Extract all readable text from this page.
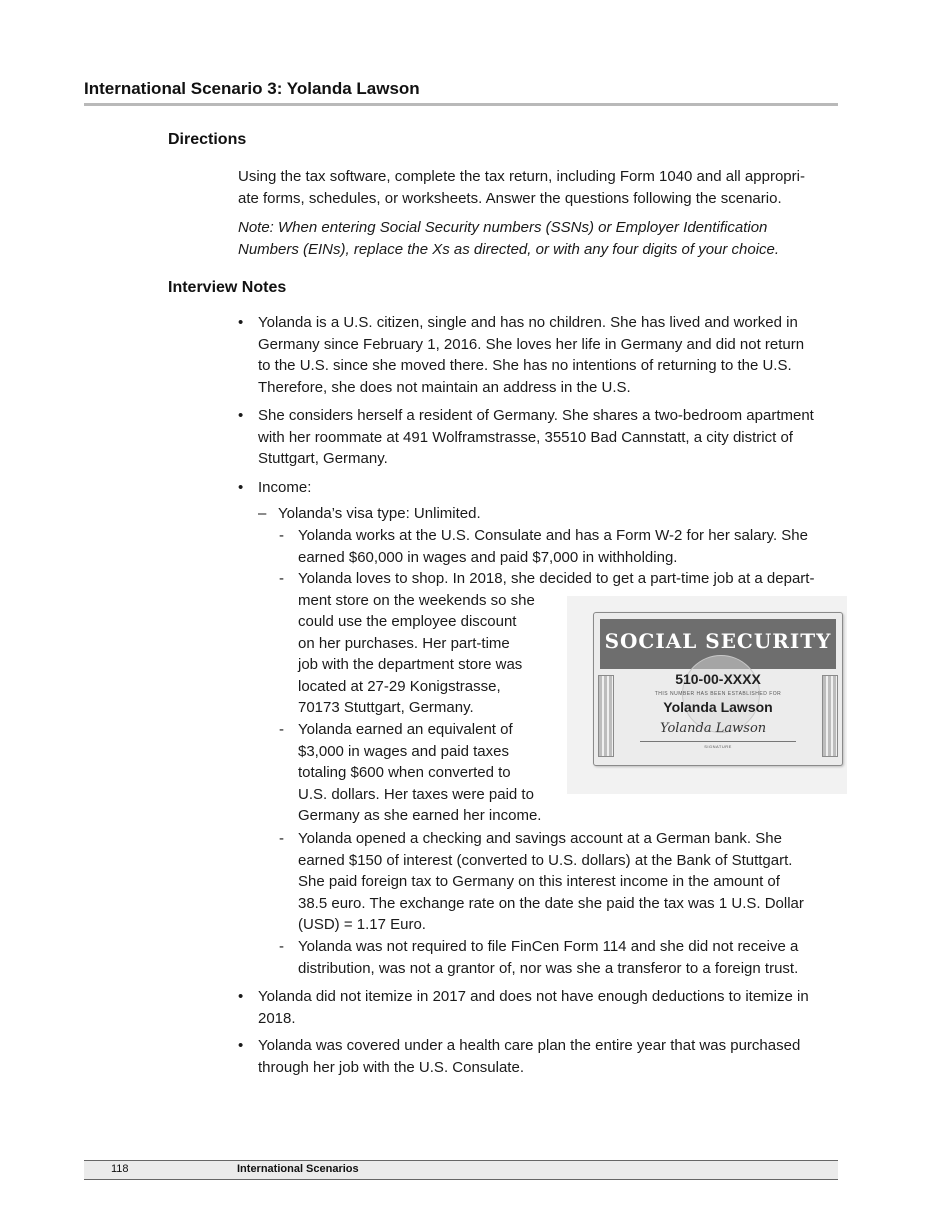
International Scenario 3: Yolanda Lawson
Directions
Using the tax software, complete the tax return, including Form 1040 and all appropri-
ate forms, schedules, or worksheets. Answer the questions following the scenario.
Note: When entering Social Security numbers (SSNs) or Employer Identification
Numbers (EINs), replace the Xs as directed, or with any four digits of your choice.
Interview Notes
• Yolanda is a U.S. citizen, single and has no children. She has lived and worked in
Germany since February 1, 2016. She loves her life in Germany and did not return
to the U.S. since she moved there. She has no intentions of returning to the U.S.
Therefore, she does not maintain an address in the U.S.
• She considers herself a resident of Germany. She shares a two-bedroom apartment
with her roommate at 491 Wolframstrasse, 35510 Bad Cannstatt, a city district of
Stuttgart, Germany.
• Income:
– Yolanda’s visa type: Unlimited.
- Yolanda works at the U.S. Consulate and has a Form W-2 for her salary. She
earned $60,000 in wages and paid $7,000 in withholding.
- Yolanda loves to shop. In 2018, she decided to get a part-time job at a depart-
ment store on the weekends so she
could use the employee discount
on her purchases. Her part-time
job with the department store was
located at 27-29 Konigstrasse,
70173 Stuttgart, Germany.
- Yolanda earned an equivalent of
$3,000 in wages and paid taxes
totaling $600 when converted to
U.S. dollars. Her taxes were paid to
Germany as she earned her income.
- Yolanda opened a checking and savings account at a German bank. She
earned $150 of interest (converted to U.S. dollars) at the Bank of Stuttgart.
She paid foreign tax to Germany on this interest income in the amount of
38.5 euro. The exchange rate on the date she paid the tax was 1 U.S. Dollar
(USD) = 1.17 Euro.
- Yolanda was not required to file FinCen Form 114 and she did not receive a
distribution, was not a grantor of, nor was she a transferor to a foreign trust.
• Yolanda did not itemize in 2017 and does not have enough deductions to itemize in
2018.
• Yolanda was covered under a health care plan the entire year that was purchased
through her job with the U.S. Consulate.
SOCIAL SECURITY
510-00-XXXX
THIS NUMBER HAS BEEN ESTABLISHED FOR
Yolanda Lawson
Yolanda Lawson
SIGNATURE
118	International Scenarios
